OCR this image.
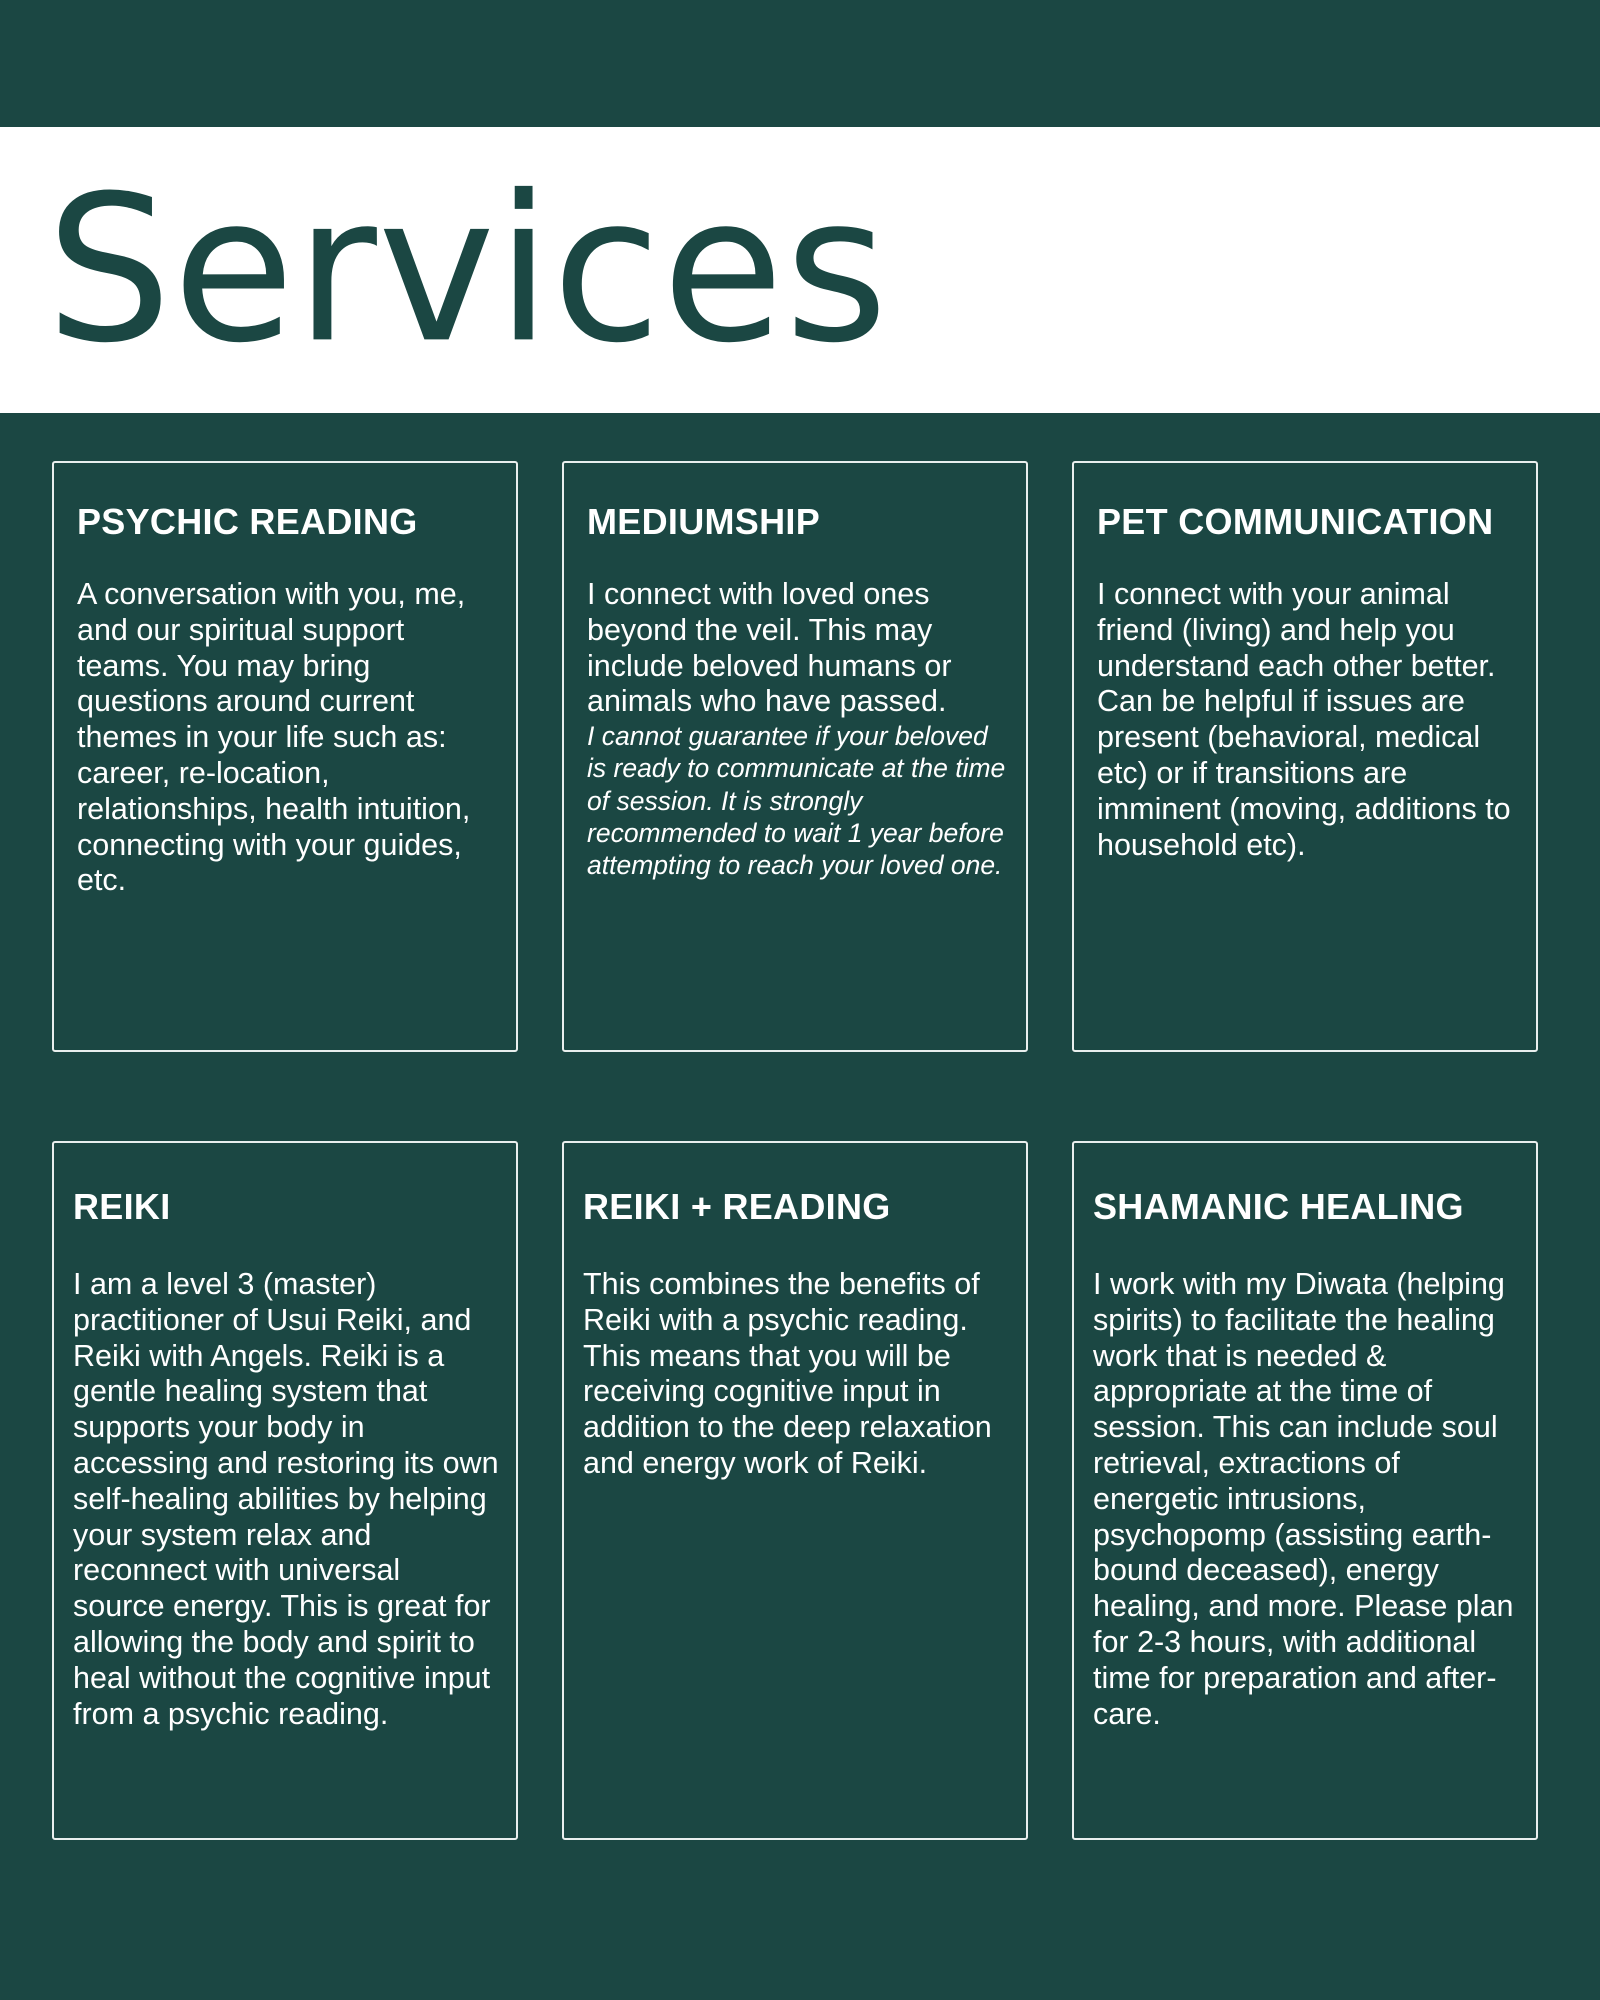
Services
PSYCHIC READING

A conversation with you, me, and our spiritual support teams. You may bring questions around current themes in your life such as: career, re-location, relationships, health intuition, connecting with your guides, etc.

MEDIUMSHIP
I connect with loved ones beyond the veil. This may include beloved humans or animals who have passed.
I cannot guarantee if your beloved is ready to communicate at the time of session. It is strongly recommended to wait 1 year before attempting to reach your loved one.
PET COMMUNICATION

I connect with your animal friend (living) and help you understand each other better. Can be helpful if issues are present (behavioral, medical etc) or if transitions are imminent (moving, additions to household etc).

REIKI

I am a level 3 (master) practitioner of Usui Reiki, and Reiki with Angels. Reiki is a gentle healing system that supports your body in accessing and restoring its own self-healing abilities by helping your system relax and reconnect with universal source energy. This is great for allowing the body and spirit to heal without the cognitive input from a psychic reading.

REIKI + READING

This combines the benefits of Reiki with a psychic reading. This means that you will be receiving cognitive input in addition to the deep relaxation and energy work of Reiki.

SHAMANIC HEALING

I work with my Diwata (helping spirits) to facilitate the healing work that is needed & appropriate at the time of session. This can include soul retrieval, extractions of energetic intrusions, psychopomp (assisting earth-bound deceased), energy healing, and more. Please plan for 2-3 hours, with additional time for preparation and after-care.
